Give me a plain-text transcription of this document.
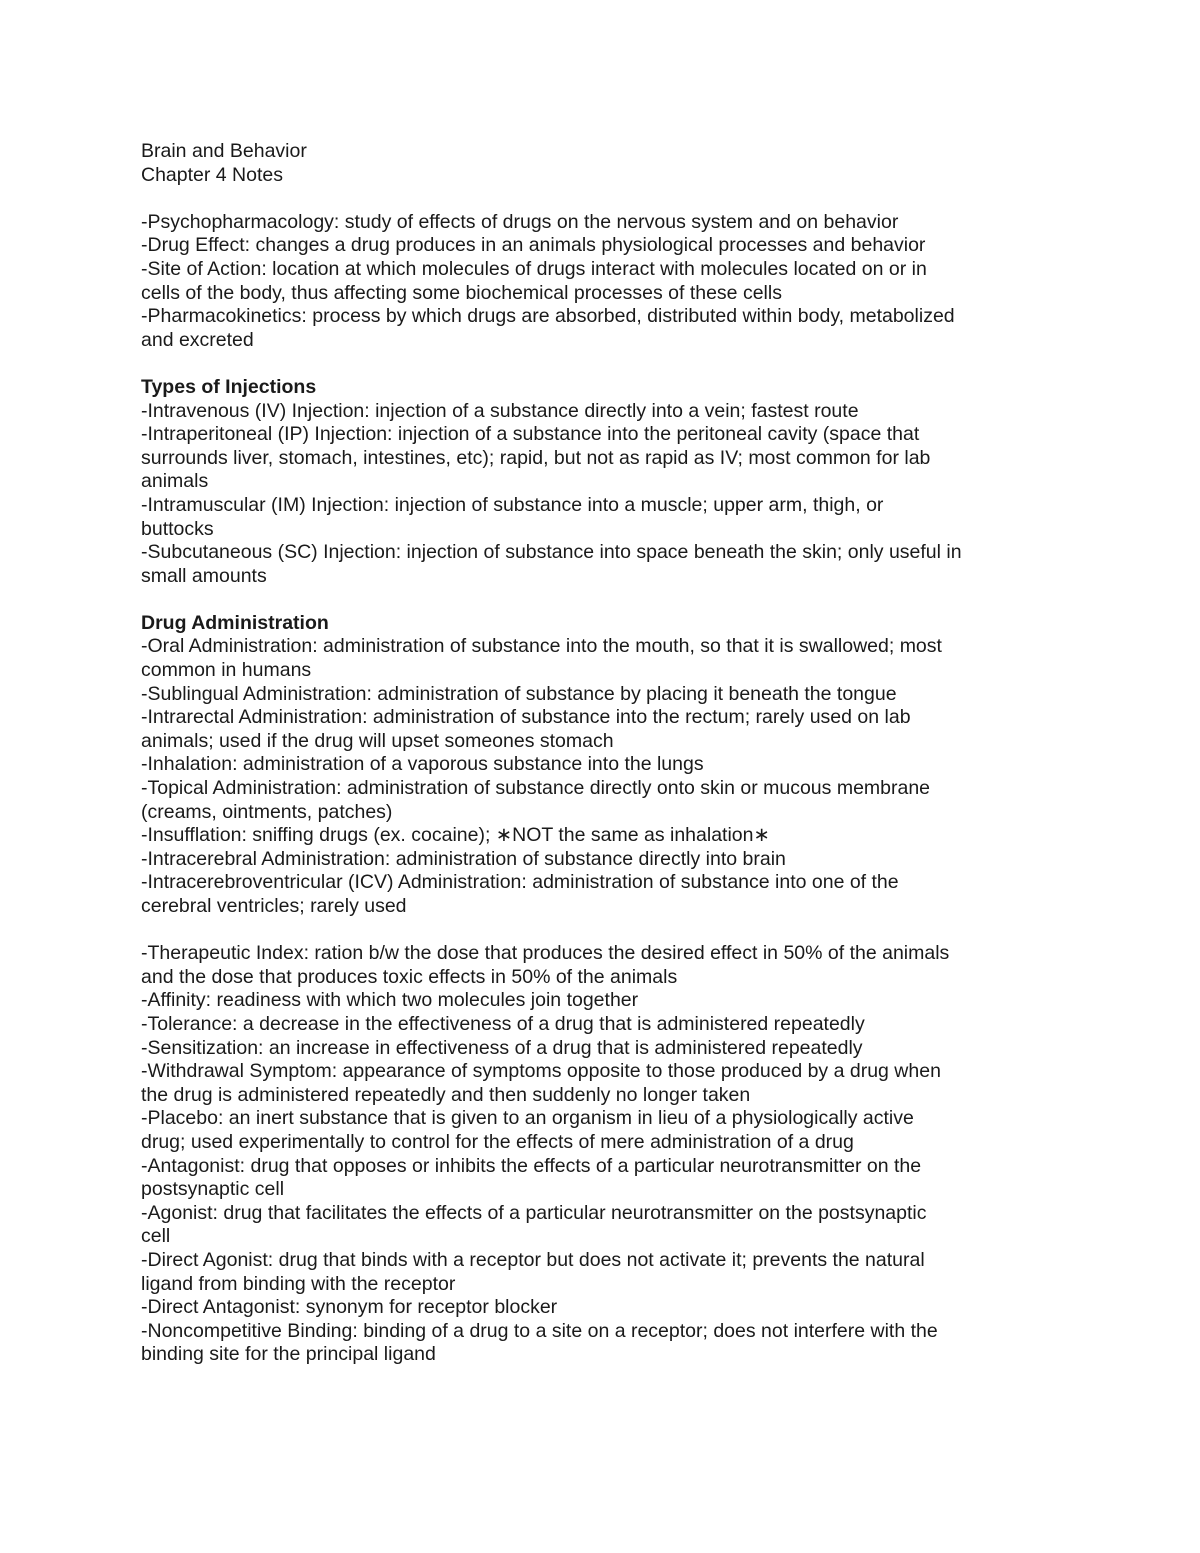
Brain and Behavior
Chapter 4 Notes
-Psychopharmacology: study of effects of drugs on the nervous system and on behavior
-Drug Effect: changes a drug produces in an animals physiological processes and behavior
-Site of Action: location at which molecules of drugs interact with molecules located on or in
cells of the body, thus affecting some biochemical processes of these cells
-Pharmacokinetics: process by which drugs are absorbed, distributed within body, metabolized
and excreted
Types of Injections
-Intravenous (IV) Injection: injection of a substance directly into a vein; fastest route
-Intraperitoneal (IP) Injection: injection of a substance into the peritoneal cavity (space that
surrounds liver, stomach, intestines, etc); rapid, but not as rapid as IV; most common for lab
animals
-Intramuscular (IM) Injection: injection of substance into a muscle; upper arm, thigh, or
buttocks
-Subcutaneous (SC) Injection: injection of substance into space beneath the skin; only useful in
small amounts
Drug Administration
-Oral Administration: administration of substance into the mouth, so that it is swallowed; most
common in humans
-Sublingual Administration: administration of substance by placing it beneath the tongue
-Intrarectal Administration: administration of substance into the rectum; rarely used on lab
animals; used if the drug will upset someones stomach
-Inhalation: administration of a vaporous substance into the lungs
-Topical Administration: administration of substance directly onto skin or mucous membrane
(creams, ointments, patches)
-Insufflation: sniffing drugs (ex. cocaine); ∗NOT the same as inhalation∗
-Intracerebral Administration: administration of substance directly into brain
-Intracerebroventricular (ICV) Administration: administration of substance into one of the
cerebral ventricles; rarely used
-Therapeutic Index: ration b/w the dose that produces the desired effect in 50% of the animals
and the dose that produces toxic effects in 50% of the animals
-Affinity: readiness with which two molecules join together
-Tolerance: a decrease in the effectiveness of a drug that is administered repeatedly
-Sensitization: an increase in effectiveness of a drug that is administered repeatedly
-Withdrawal Symptom: appearance of symptoms opposite to those produced by a drug when
the drug is administered repeatedly and then suddenly no longer taken
-Placebo: an inert substance that is given to an organism in lieu of a physiologically active
drug; used experimentally to control for the effects of mere administration of a drug
-Antagonist: drug that opposes or inhibits the effects of a particular neurotransmitter on the
postsynaptic cell
-Agonist: drug that facilitates the effects of a particular neurotransmitter on the postsynaptic
cell
-Direct Agonist: drug that binds with a receptor but does not activate it; prevents the natural
ligand from binding with the receptor
-Direct Antagonist: synonym for receptor blocker
-Noncompetitive Binding: binding of a drug to a site on a receptor; does not interfere with the
binding site for the principal ligand
